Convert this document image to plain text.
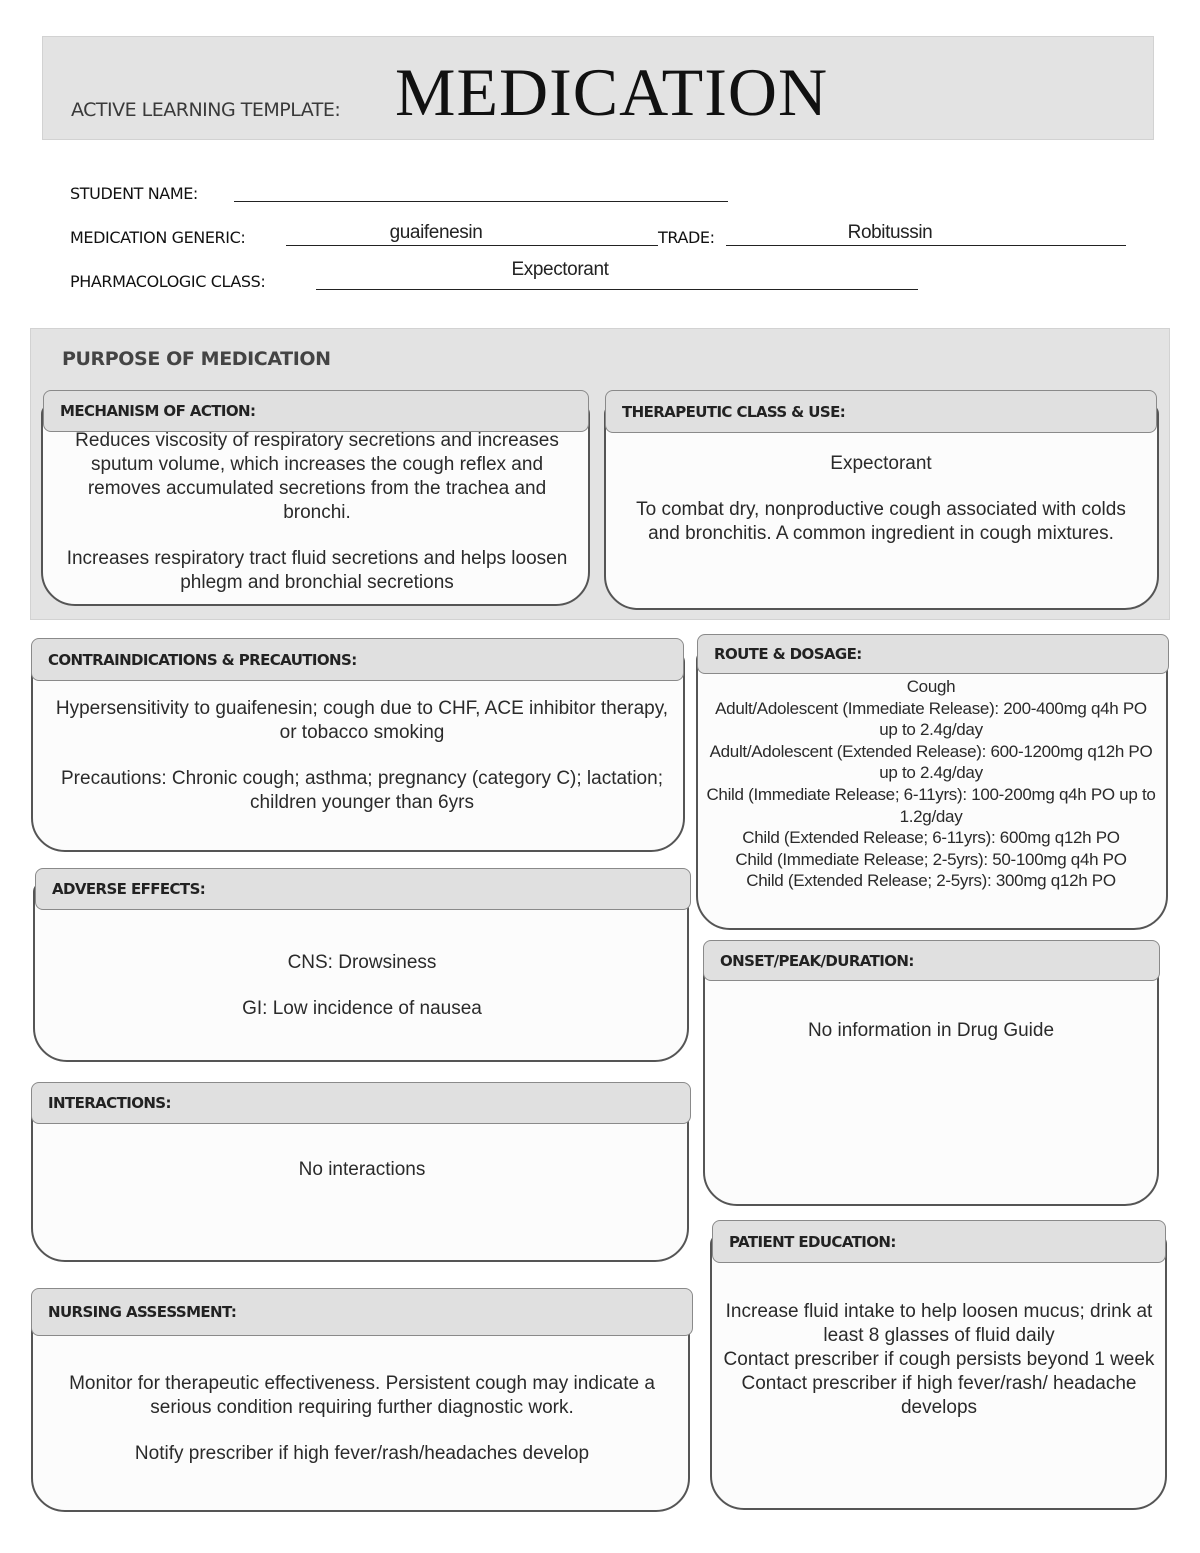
ACTIVE LEARNING TEMPLATE: MEDICATION
STUDENT NAME:
MEDICATION GENERIC:	guaifenesin	TRADE:	Robitussin
PHARMACOLOGIC CLASS:
Expectorant
PURPOSE OF MEDICATION
MECHANISM OF ACTION:

Reduces viscosity of respiratory secretions and increases sputum volume, which increases the cough reflex and removes accumulated secretions from the trachea and bronchi.

Increases respiratory tract fluid secretions and helps loosen phlegm and bronchial secretions

THERAPEUTIC CLASS & USE:

Expectorant

To combat dry, nonproductive cough associated with colds and bronchitis. A common ingredient in cough mixtures.

CONTRAINDICATIONS & PRECAUTIONS:

Hypersensitivity to guaifenesin; cough due to CHF, ACE inhibitor therapy, or tobacco smoking

Precautions: Chronic cough; asthma; pregnancy (category C); lactation; children younger than 6yrs

ROUTE & DOSAGE:

Cough

Adult/Adolescent (Immediate Release): 200-400mg q4h PO up to 2.4g/day

Adult/Adolescent (Extended Release): 600-1200mg q12h PO up to 2.4g/day

Child (Immediate Release; 6-11yrs): 100-200mg q4h PO up to 1.2g/day

Child (Extended Release; 6-11yrs): 600mg q12h PO

Child (Immediate Release; 2-5yrs): 50-100mg q4h PO

Child (Extended Release; 2-5yrs): 300mg q12h PO

ADVERSE EFFECTS:

CNS: Drowsiness

GI: Low incidence of nausea

ONSET/PEAK/DURATION:

No information in Drug Guide

INTERACTIONS:

No interactions

PATIENT EDUCATION:

Increase fluid intake to help loosen mucus; drink at least 8 glasses of fluid daily

Contact prescriber if cough persists beyond 1 week

Contact prescriber if high fever/rash/ headache develops

NURSING ASSESSMENT:

Monitor for therapeutic effectiveness. Persistent cough may indicate a serious condition requiring further diagnostic work.

Notify prescriber if high fever/rash/headaches develop
